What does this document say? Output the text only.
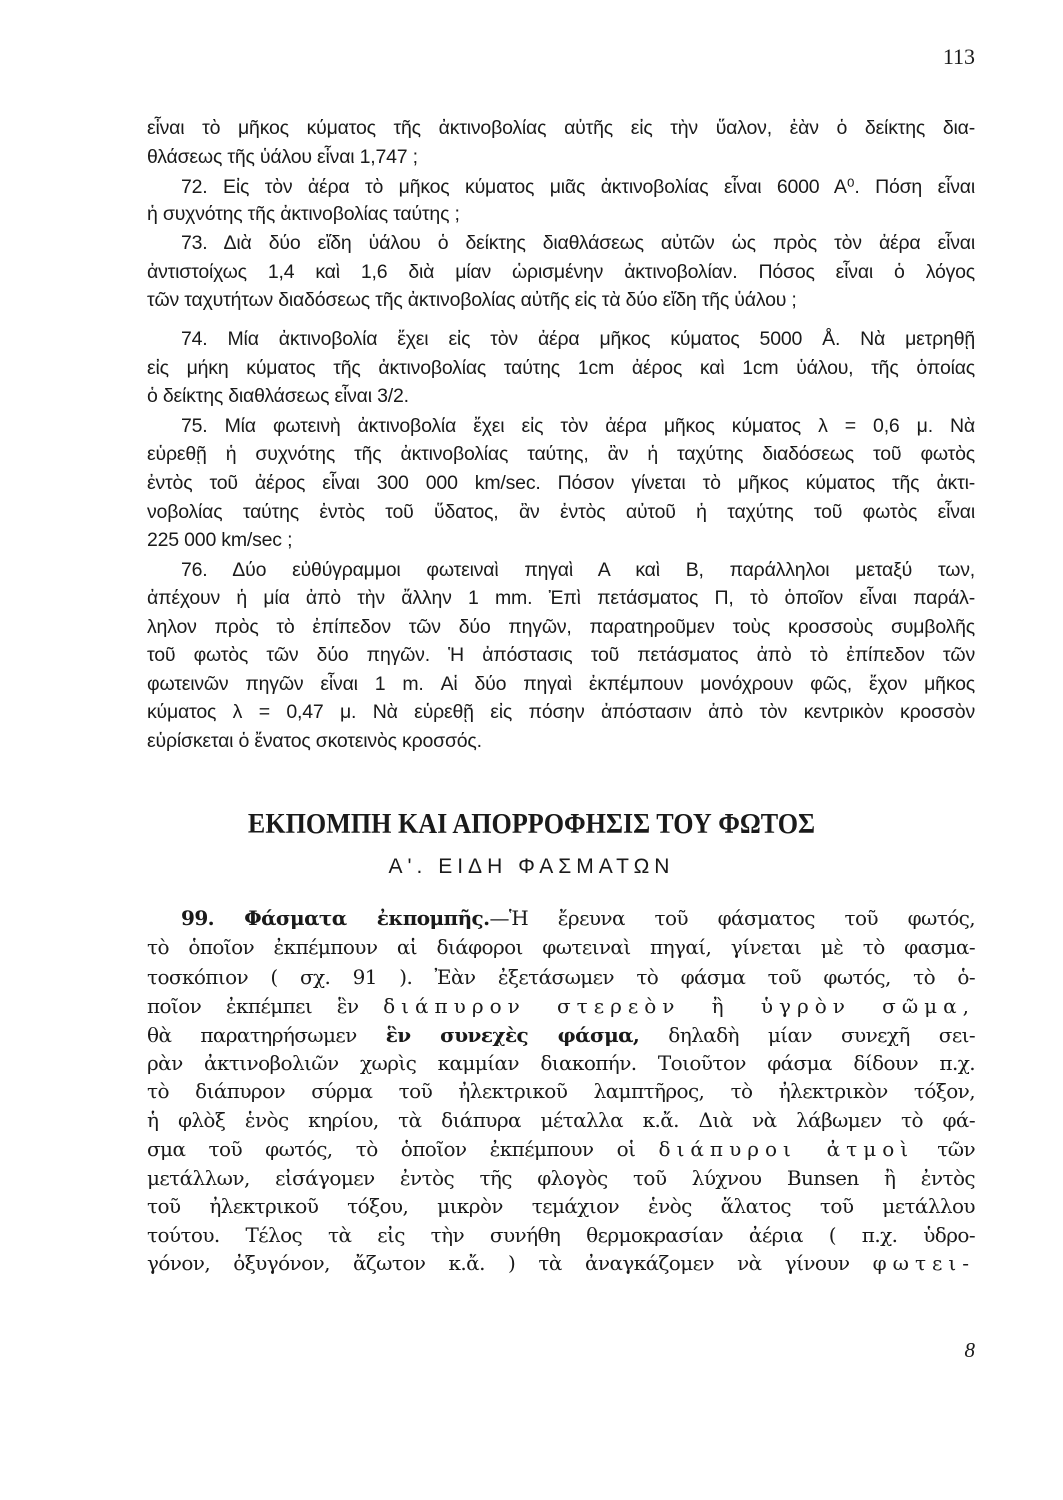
113
εἶναι τὸ μῆκος κύματος τῆς ἀκτινοβολίας αὐτῆς εἰς τὴν ὕαλον, ἐὰν ὁ δείκτης δια-
θλάσεως τῆς ὑάλου εἶναι 1,747 ;
72. Εἰς τὸν ἀέρα τὸ μῆκος κύματος μιᾶς ἀκτινοβολίας εἶναι 6000 Α⁰. Πόση εἶναι
ἡ συχνότης τῆς ἀκτινοβολίας ταύτης ;
73. Διὰ δύο εἴδη ὑάλου ὁ δείκτης διαθλάσεως αὐτῶν ὡς πρὸς τὸν ἀέρα εἶναι
ἀντιστοίχως 1,4 καὶ 1,6 διὰ μίαν ὡρισμένην ἀκτινοβολίαν. Πόσος εἶναι ὁ λόγος
τῶν ταχυτήτων διαδόσεως τῆς ἀκτινοβολίας αὐτῆς εἰς τὰ δύο εἴδη τῆς ὑάλου ;
74. Μία ἀκτινοβολία ἔχει εἰς τὸν ἀέρα μῆκος κύματος 5000 Å. Νὰ μετρηθῇ
εἰς μήκη κύματος τῆς ἀκτινοβολίας ταύτης 1cm ἀέρος καὶ 1cm ὑάλου, τῆς ὁποίας
ὁ δείκτης διαθλάσεως εἶναι 3/2.
75. Μία φωτεινὴ ἀκτινοβολία ἔχει εἰς τὸν ἀέρα μῆκος κύματος λ = 0,6 μ. Νὰ
εὑρεθῇ ἡ συχνότης τῆς ἀκτινοβολίας ταύτης, ἂν ἡ ταχύτης διαδόσεως τοῦ φωτὸς
ἐντὸς τοῦ ἀέρος εἶναι 300 000 km/sec. Πόσον γίνεται τὸ μῆκος κύματος τῆς ἀκτι-
νοβολίας ταύτης ἐντὸς τοῦ ὕδατος, ἂν ἐντὸς αὐτοῦ ἡ ταχύτης τοῦ φωτὸς εἶναι
225 000 km/sec ;
76. Δύο εὐθύγραμμοι φωτειναὶ πηγαὶ Α καὶ Β, παράλληλοι μεταξύ των,
ἀπέχουν ἡ μία ἀπὸ τὴν ἄλλην 1 mm. Ἐπὶ πετάσματος Π, τὸ ὁποῖον εἶναι παράλ-
ληλον πρὸς τὸ ἐπίπεδον τῶν δύο πηγῶν, παρατηροῦμεν τοὺς κροσσοὺς συμβολῆς
τοῦ φωτὸς τῶν δύο πηγῶν. Ἡ ἀπόστασις τοῦ πετάσματος ἀπὸ τὸ ἐπίπεδον τῶν
φωτεινῶν πηγῶν εἶναι 1 m. Αἱ δύο πηγαὶ ἐκπέμπουν μονόχρουν φῶς, ἔχον μῆκος
κύματος λ = 0,47 μ. Νὰ εὑρεθῇ εἰς πόσην ἀπόστασιν ἀπὸ τὸν κεντρικὸν κροσσὸν
εὑρίσκεται ὁ ἔνατος σκοτεινὸς κροσσός.
ΕΚΠΟΜΠΗ ΚΑΙ ΑΠΟΡΡΟΦΗΣΙΣ ΤΟΥ ΦΩΤΟΣ
Α'. ΕΙΔΗ ΦΑΣΜΑΤΩΝ
99. Φάσματα ἐκπομπῆς.—Ἡ ἔρευνα τοῦ φάσματος τοῦ φωτός,
τὸ ὁποῖον ἐκπέμπουν αἱ διάφοροι φωτειναὶ πηγαί, γίνεται μὲ τὸ φασμα-
τοσκόπιον ( σχ. 91 ). Ἐὰν ἐξετάσωμεν τὸ φάσμα τοῦ φωτός, τὸ ὁ-
ποῖον ἐκπέμπει ἓν διάπυρον στερεὸν ἢ ὑγρὸν σῶμα,
θὰ παρατηρήσωμεν ἓν συνεχὲς φάσμα, δηλαδὴ μίαν συνεχῆ σει-
ρὰν ἀκτινοβολιῶν χωρὶς καμμίαν διακοπήν. Τοιοῦτον φάσμα δίδουν π.χ.
τὸ διάπυρον σύρμα τοῦ ἠλεκτρικοῦ λαμπτῆρος, τὸ ἠλεκτρικὸν τόξον,
ἡ φλὸξ ἑνὸς κηρίου, τὰ διάπυρα μέταλλα κ.ἄ. Διὰ νὰ λάβωμεν τὸ φά-
σμα τοῦ φωτός, τὸ ὁποῖον ἐκπέμπουν οἱ διάπυροι ἀτμοὶ τῶν
μετάλλων, εἰσάγομεν ἐντὸς τῆς φλογὸς τοῦ λύχνου Bunsen ἢ ἐντὸς
τοῦ ἠλεκτρικοῦ τόξου, μικρὸν τεμάχιον ἑνὸς ἅλατος τοῦ μετάλλου
τούτου. Τέλος τὰ εἰς τὴν συνήθη θερμοκρασίαν ἀέρια ( π.χ. ὑδρο-
γόνον, ὀξυγόνον, ἄζωτον κ.ἄ. ) τὰ ἀναγκάζομεν νὰ γίνουν φωτει-
8
